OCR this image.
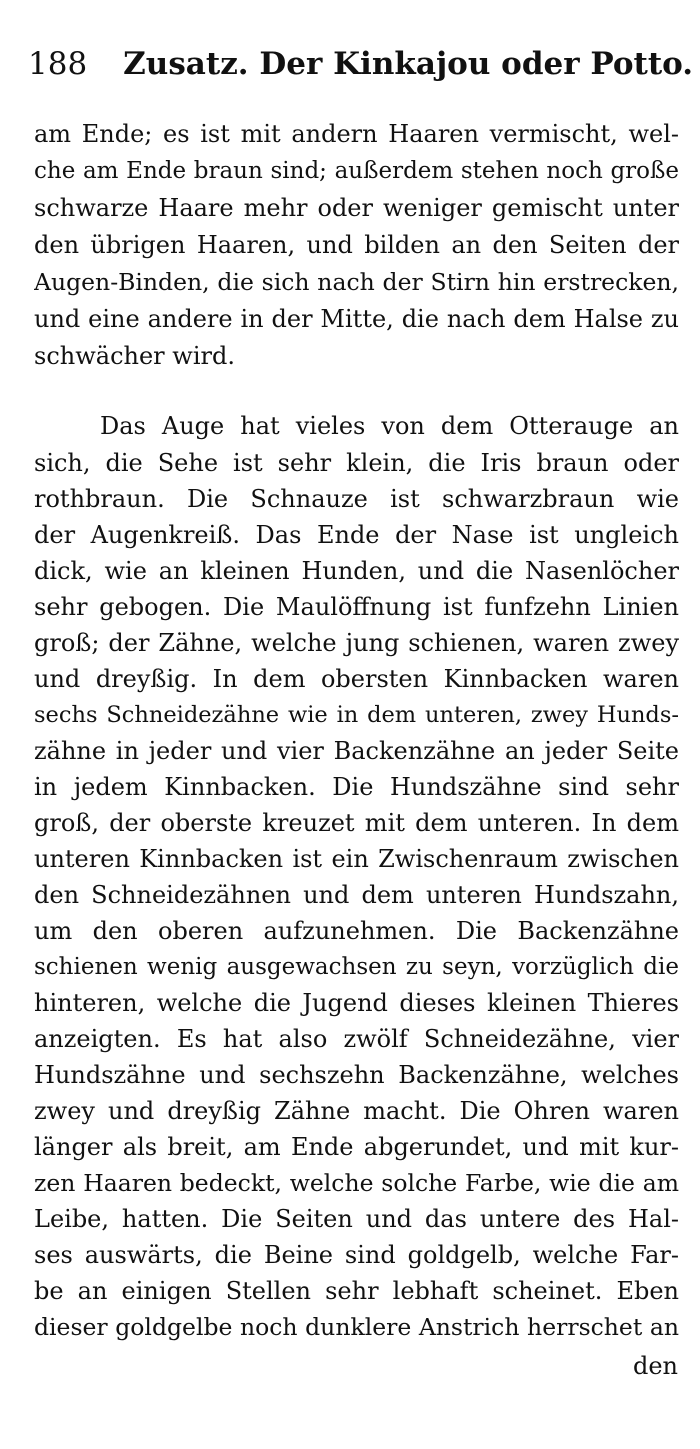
188 Zusatz. Der Kinkajou oder Potto.
am Ende; es ist mit andern Haaren vermischt, wel-
che am Ende braun sind; außerdem stehen noch große
schwarze Haare mehr oder weniger gemischt unter
den übrigen Haaren, und bilden an den Seiten der
Augen-Binden, die sich nach der Stirn hin erstrecken,
und eine andere in der Mitte, die nach dem Halse zu
schwächer wird.
Das Auge hat vieles von dem Otterauge an
sich, die Sehe ist sehr klein, die Iris braun oder
rothbraun. Die Schnauze ist schwarzbraun wie
der Augenkreiß. Das Ende der Nase ist ungleich
dick, wie an kleinen Hunden, und die Nasenlöcher
sehr gebogen. Die Maulöffnung ist funfzehn Linien
groß; der Zähne, welche jung schienen, waren zwey
und dreyßig. In dem obersten Kinnbacken waren
sechs Schneidezähne wie in dem unteren, zwey Hunds-
zähne in jeder und vier Backenzähne an jeder Seite
in jedem Kinnbacken. Die Hundszähne sind sehr
groß, der oberste kreuzet mit dem unteren. In dem
unteren Kinnbacken ist ein Zwischenraum zwischen
den Schneidezähnen und dem unteren Hundszahn,
um den oberen aufzunehmen. Die Backenzähne
schienen wenig ausgewachsen zu seyn, vorzüglich die
hinteren, welche die Jugend dieses kleinen Thieres
anzeigten. Es hat also zwölf Schneidezähne, vier
Hundszähne und sechszehn Backenzähne, welches
zwey und dreyßig Zähne macht. Die Ohren waren
länger als breit, am Ende abgerundet, und mit kur-
zen Haaren bedeckt, welche solche Farbe, wie die am
Leibe, hatten. Die Seiten und das untere des Hal-
ses auswärts, die Beine sind goldgelb, welche Far-
be an einigen Stellen sehr lebhaft scheinet. Eben
dieser goldgelbe noch dunklere Anstrich herrschet an
den
